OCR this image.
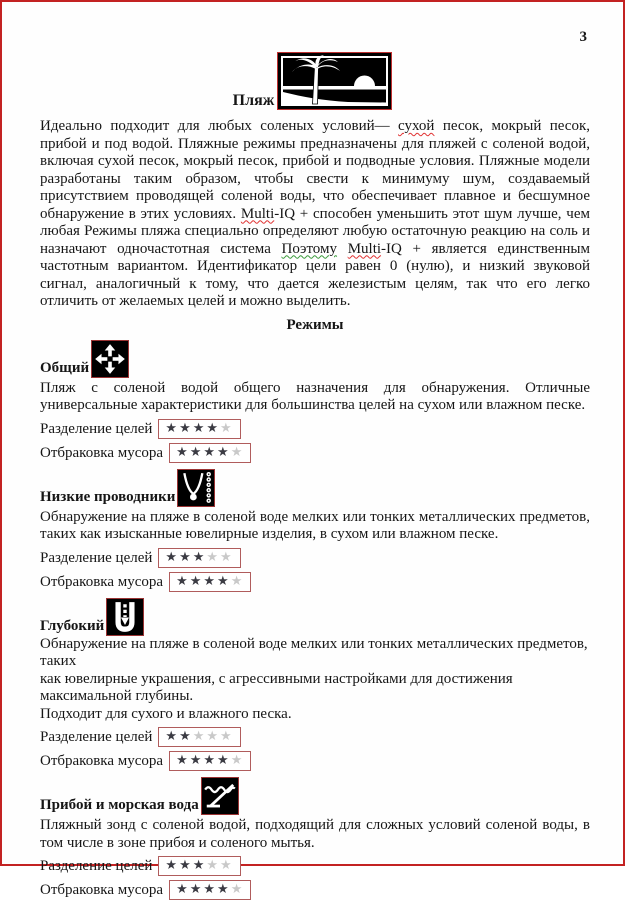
3
Пляж

Идеально подходит для любых соленых условий— сухой песок, мокрый песок, прибой и под водой. Пляжные режимы предназначены для пляжей с соленой водой, включая сухой песок, мокрый песок, прибой и подводные условия. Пляжные модели разработаны таким образом, чтобы свести к минимуму шум, создаваемый присутствием проводящей соленой воды, что обеспечивает плавное и бесшумное обнаружение в этих условиях. Multi-IQ + способен уменьшить этот шум лучше, чем любая Режимы пляжа специально определяют любую остаточную реакцию на соль и назначают одночастотная система Поэтому Multi-IQ + является единственным частотным вариантом. Идентификатор цели равен 0 (нулю), и низкий звуковой сигнал, аналогичный к тому, что дается железистым целям, так что его легко отличить от желаемых целей и можно выделить.

Режимы
Общий

Пляж с соленой водой общего назначения для обнаружения. Отличные универсальные характеристики для большинства целей на сухом или влажном песке.

Разделение целей ★ ★ ★ ★ ★
Отбраковка мусора ★ ★ ★ ★ ★
Низкие проводники

Обнаружение на пляже в соленой воде мелких или тонких металлических предметов, таких как изысканные ювелирные изделия, в сухом или влажном песке.

Разделение целей ★ ★ ★ ★ ★
Отбраковка мусора ★ ★ ★ ★ ★
Глубокий
Обнаружение на пляже в соленой воде мелких или тонких металлических предметов,
таких
как ювелирные украшения, с агрессивными настройками для достижения
максимальной глубины.
Подходит для сухого и влажного песка.
Разделение целей ★ ★ ★ ★ ★
Отбраковка мусора ★ ★ ★ ★ ★
Прибой и морская вода

Пляжный зонд с соленой водой, подходящий для сложных условий соленой воды, в том числе в зоне прибоя и соленого мытья.

Разделение целей ★ ★ ★ ★ ★
Отбраковка мусора ★ ★ ★ ★ ★
